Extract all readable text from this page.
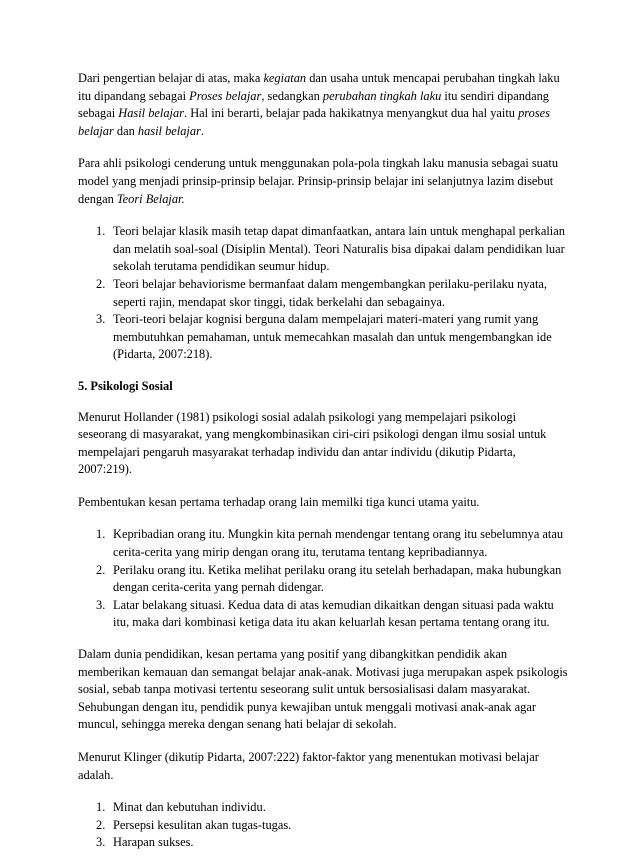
Dari pengertian belajar di atas, maka kegiatan dan usaha untuk mencapai perubahan tingkah laku itu dipandang sebagai Proses belajar, sedangkan perubahan tingkah laku itu sendiri dipandang sebagai Hasil belajar. Hal ini berarti, belajar pada hakikatnya menyangkut dua hal yaitu proses belajar dan hasil belajar.

Para ahli psikologi cenderung untuk menggunakan pola-pola tingkah laku manusia sebagai suatu model yang menjadi prinsip-prinsip belajar. Prinsip-prinsip belajar ini selanjutnya lazim disebut dengan Teori Belajar.

1. Teori belajar klasik masih tetap dapat dimanfaatkan, antara lain untuk menghapal perkalian dan melatih soal-soal (Disiplin Mental). Teori Naturalis bisa dipakai dalam pendidikan luar sekolah terutama pendidikan seumur hidup.
2. Teori belajar behaviorisme bermanfaat dalam mengembangkan perilaku-perilaku nyata, seperti rajin, mendapat skor tinggi, tidak berkelahi dan sebagainya.
3. Teori-teori belajar kognisi berguna dalam mempelajari materi-materi yang rumit yang membutuhkan pemahaman, untuk memecahkan masalah dan untuk mengembangkan ide (Pidarta, 2007:218).

5. Psikologi Sosial

Menurut Hollander (1981) psikologi sosial adalah psikologi yang mempelajari psikologi seseorang di masyarakat, yang mengkombinasikan ciri-ciri psikologi dengan ilmu sosial untuk mempelajari pengaruh masyarakat terhadap individu dan antar individu (dikutip Pidarta, 2007:219).

Pembentukan kesan pertama terhadap orang lain memilki tiga kunci utama yaitu.

1. Kepribadian orang itu. Mungkin kita pernah mendengar tentang orang itu sebelumnya atau cerita-cerita yang mirip dengan orang itu, terutama tentang kepribadiannya.
2. Perilaku orang itu. Ketika melihat perilaku orang itu setelah berhadapan, maka hubungkan dengan cerita-cerita yang pernah didengar.
3. Latar belakang situasi. Kedua data di atas kemudian dikaitkan dengan situasi pada waktu itu, maka dari kombinasi ketiga data itu akan keluarlah kesan pertama tentang orang itu.

Dalam dunia pendidikan, kesan pertama yang positif yang dibangkitkan pendidik akan memberikan kemauan dan semangat belajar anak-anak. Motivasi juga merupakan aspek psikologis sosial, sebab tanpa motivasi tertentu seseorang sulit untuk bersosialisasi dalam masyarakat. Sehubungan dengan itu, pendidik punya kewajiban untuk menggali motivasi anak-anak agar muncul, sehingga mereka dengan senang hati belajar di sekolah.

Menurut Klinger (dikutip Pidarta, 2007:222) faktor-faktor yang menentukan motivasi belajar adalah.

1. Minat dan kebutuhan individu.
2. Persepsi kesulitan akan tugas-tugas.
3. Harapan sukses.
